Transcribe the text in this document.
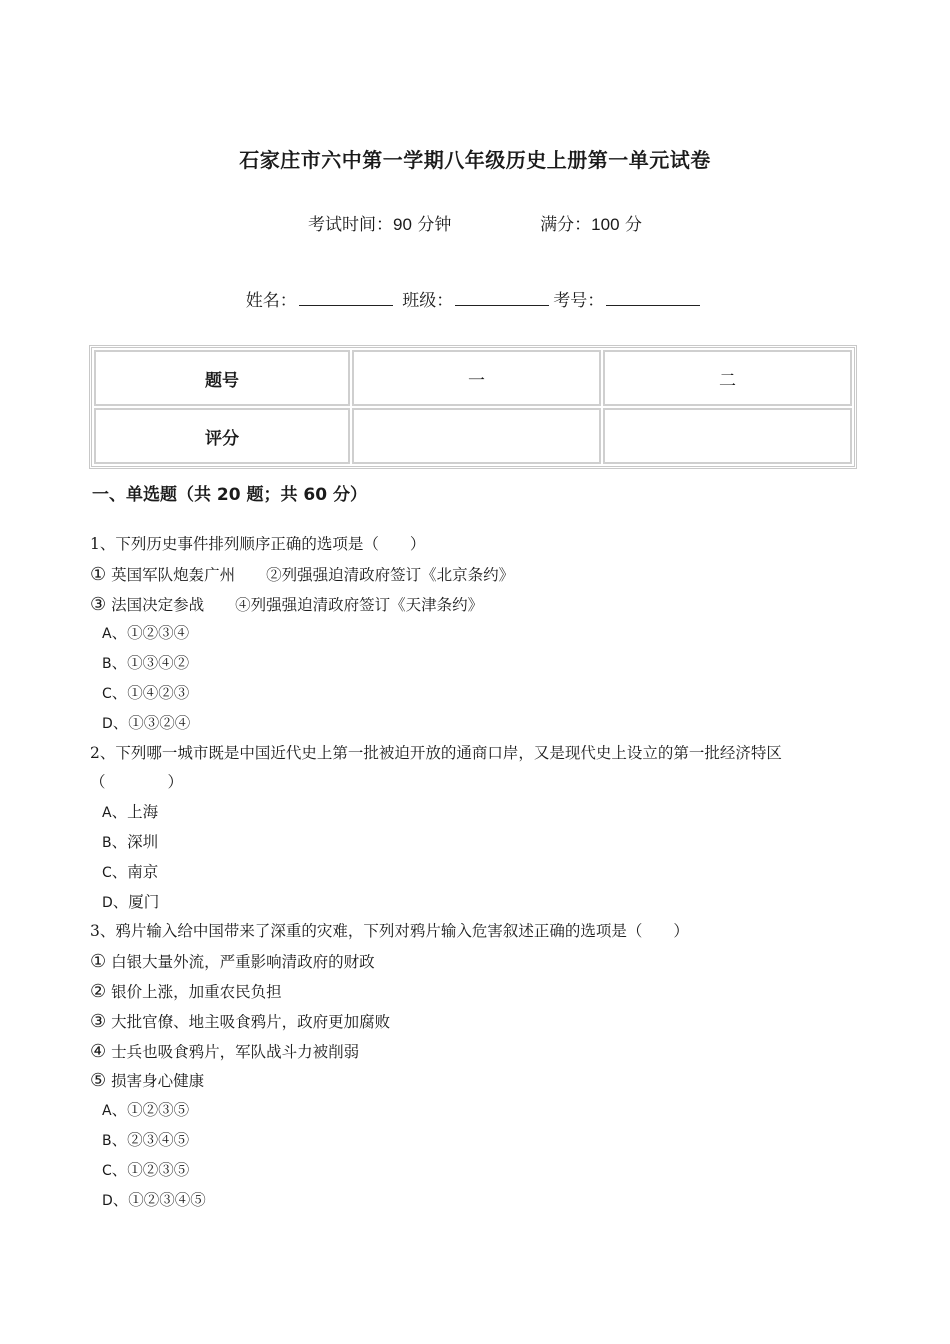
石家庄市六中第一学期八年级历史上册第一单元试卷
考试时间：90 分钟	满分：100 分
姓名：	班级：	考号：
题号	一	二
评分		
一、单选题（共 20 题；共 60 分）
1、下列历史事件排列顺序正确的选项是（　　）
① 英国军队炮轰广州　　②列强强迫清政府签订《北京条约》
③ 法国决定参战　　④列强强迫清政府签订《天津条约》
A、①②③④
B、①③④②
C、①④②③
D、①③②④
2、下列哪一城市既是中国近代史上第一批被迫开放的通商口岸，又是现代史上设立的第一批经济特区（　　　　）
A、上海
B、深圳
C、南京
D、厦门
3、鸦片输入给中国带来了深重的灾难，下列对鸦片输入危害叙述正确的选项是（　　）
① 白银大量外流，严重影响清政府的财政
② 银价上涨，加重农民负担
③ 大批官僚、地主吸食鸦片，政府更加腐败
④ 士兵也吸食鸦片，军队战斗力被削弱
⑤ 损害身心健康
A、①②③⑤
B、②③④⑤
C、①②③⑤
D、①②③④⑤
